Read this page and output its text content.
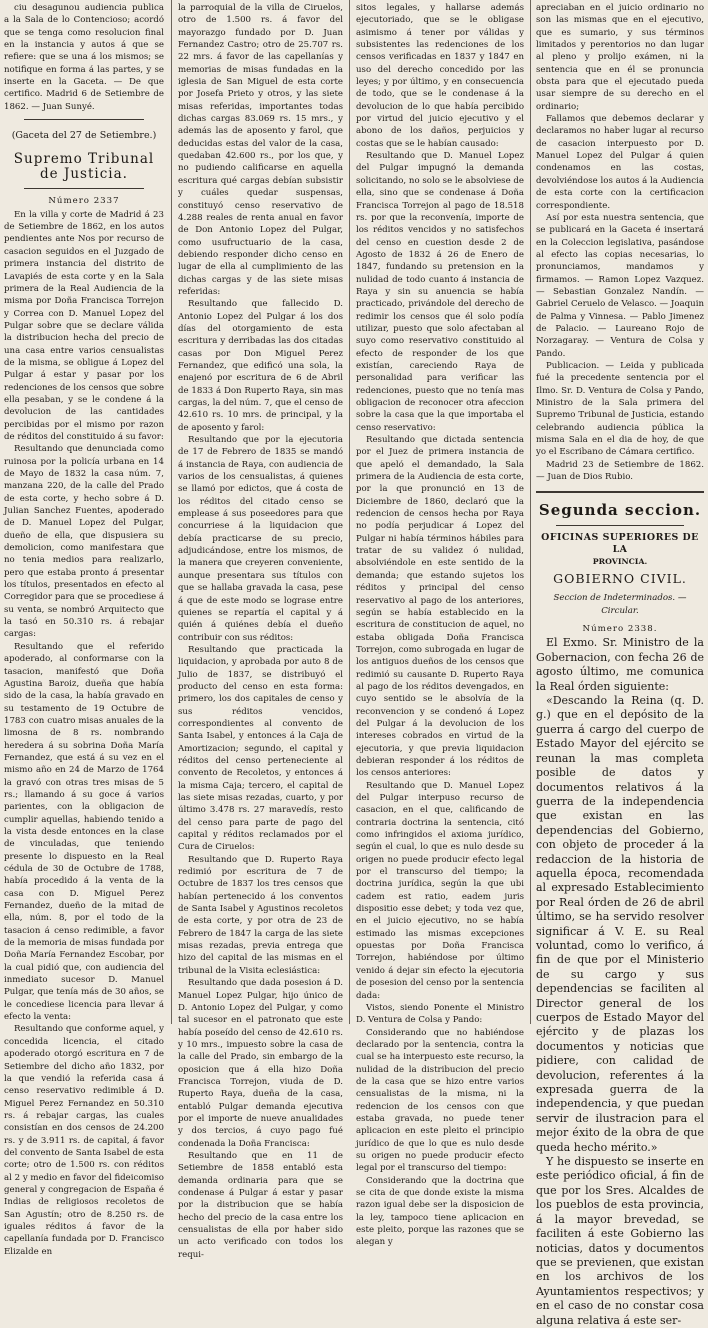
ciu desagunou audiencia publica a la Sala de lo Contencioso; acordó que se tenga como resolucion final en la instancia y autos á que se refiere: que se una á los mismos; se notifique en forma á las partes, y se inserte en la Gaceta. — De que certifico. Madrid 6 de Setiembre de 1862. — Juan Sunyé.

(Gaceta del 27 de Setiembre.)

Supremo Tribunal de Justicia.

Número 2337

En la villa y corte de Madrid á 23 de Setiembre de 1862, en los autos pendientes ante Nos por recurso de casacion seguidos en el Juzgado de primera instancia del distrito de Lavapiés de esta corte y en la Sala primera de la Real Audiencia de la misma por Doña Francisca Torrejon y Correa con D. Manuel Lopez del Pulgar sobre que se declare válida la distribucion hecha del precio de una casa entre varios censualistas de la misma, se obligue á Lopez del Pulgar á estar y pasar por los redenciones de los censos que sobre ella pesaban, y se le condene á la devolucion de las cantidades percibidas por el mismo por razon de réditos del constituido á su favor:

Resultando que denunciada como ruinosa por la policía urbana en 14 de Mayo de 1832 la casa núm. 7, manzana 220, de la calle del Prado de esta corte, y hecho sobre á D. Julian Sanchez Fuentes, apoderado de D. Manuel Lopez del Pulgar, dueño de ella, que dispusiera su demolicion, como manifestara que no tenia medios para realizarlo, pero que estaba pronto á presentar los títulos, presentados en efecto al Corregidor para que se procediese á su venta, se nombró Arquitecto que la tasó en 50.310 rs. á rebajar cargas:

Resultando que el referido apoderado, al conformarse con la tasacion, manifestó que Doña Agustina Baroiz, dueña que había sido de la casa, la había gravado en su testamento de 19 Octubre de 1783 con cuatro misas anuales de la limosna de 8 rs. nombrando heredera á su sobrina Doña María Fernandez, que está á su vez en el mismo año en 24 de Marzo de 1764 la gravó con otras tres misas de 5 rs.; llamando á su goce á varios parientes, con la obligacion de cumplir aquellas, habiendo tenido a la vista desde entonces en la clase de vinculadas, que teniendo presente lo dispuesto en la Real cédula de 30 de Octubre de 1788, había procedido á la venta de la casa con D. Miguel Perez Fernandez, dueño de la mitad de ella, núm. 8, por el todo de la tasacion á censo redimible, a favor de la memoria de misas fundada por Doña María Fernandez Escobar, por la cual pidió que, con audiencia del inmediato sucesor D. Manuel Pulgar, que tenía más de 30 años, se le concediese licencia para llevar á efecto la venta:

Resultando que conforme aquel, y concedida licencia, el citado apoderado otorgó escritura en 7 de Setiembre del dicho año 1832, por la que vendió la referida casa á censo reservativo redimible á D. Miguel Perez Fernandez en 50.310 rs. á rebajar cargas, las cuales consistían en dos censos de 24.200 rs. y de 3.911 rs. de capital, á favor del convento de Santa Isabel de esta corte; otro de 1.500 rs. con réditos al 2 y medio en favor del fideicomiso general y congregacion de España é Indias de religiosos recoletos de San Agustín; otro de 8.250 rs. de iguales réditos á favor de la capellanía fundada por D. Francisco Elizalde en

la parroquial de la villa de Ciruelos, otro de 1.500 rs. á favor del mayorazgo fundado por D. Juan Fernandez Castro; otro de 25.707 rs. 22 mrs. á favor de las capellanías y memorias de misas fundadas en la iglesia de San Miguel de esta corte por Josefa Prieto y otros, y las siete misas referidas, importantes todas dichas cargas 83.069 rs. 15 mrs., y además las de aposento y farol, que deducidas estas del valor de la casa, quedaban 42.600 rs., por los que, y no pudiendo calificarse en aquella escritura qué cargas debían subsistir y cuáles quedar suspensas, constituyó censo reservativo de 4.288 reales de renta anual en favor de Don Antonio Lopez del Pulgar, como usufructuario de la casa, debiendo responder dicho censo en lugar de ella al cumplimiento de las dichas cargas y de las siete misas referidas:

Resultando que fallecido D. Antonio Lopez del Pulgar á los dos días del otorgamiento de esta escritura y derribadas las dos citadas casas por Don Miguel Perez Fernandez, que edificó una sola, la enajenó por escritura de 6 de Abril de 1833 á Don Ruperto Raya, sin mas cargas, la del núm. 7, que el censo de 42.610 rs. 10 mrs. de principal, y la de aposento y farol:

Resultando que por la ejecutoria de 17 de Febrero de 1835 se mandó á instancia de Raya, con audiencia de varios de los censualistas, á quienes se llamó por edictos, que á costa de los réditos del citado censo se emplease á sus poseedores para que concurriese á la liquidacion que debía practicarse de su precio, adjudicándose, entre los mismos, de la manera que creyeren conveniente, aunque presentara sus títulos con que se hallaba gravada la casa, pese á que de este modo se lograse entre quienes se repartía el capital y á quién á quiénes debía el dueño contribuir con sus réditos:

Resultando que practicada la liquidacion, y aprobada por auto 8 de Julio de 1837, se distribuyó el producto del censo en esta forma: primero, los dos capitales de censo y sus réditos vencidos, correspondientes al convento de Santa Isabel, y entonces á la Caja de Amortizacion; segundo, el capital y réditos del censo perteneciente al convento de Recoletos, y entonces á la misma Caja; tercero, el capital de las siete misas rezadas, cuarto, y por último 3.478 rs. 27 maravedís, resto del censo para parte de pago del capital y réditos reclamados por el Cura de Ciruelos:

Resultando que D. Ruperto Raya redimió por escritura de 7 de Octubre de 1837 los tres censos que habían pertenecido á los conventos de Santa Isabel y Agustinos recoletos de esta corte, y por otra de 23 de Febrero de 1847 la carga de las siete misas rezadas, previa entrega que hizo del capital de las mismas en el tribunal de la Visita eclesiástica:

Resultando que dada posesion á D. Manuel Lopez Pulgar, hijo único de D. Antonio Lopez del Pulgar, y como tal sucesor en el patronato que este había poseído del censo de 42.610 rs. y 10 mrs., impuesto sobre la casa de la calle del Prado, sin embargo de la oposicion que á ella hizo Doña Francisca Torrejon, viuda de D. Ruperto Raya, dueña de la casa, entabló Pulgar demanda ejecutiva por el importe de nueve anualidades y dos tercios, á cuyo pago fué condenada la Doña Francisca:

Resultando que en 11 de Setiembre de 1858 entabló esta demanda ordinaria para que se condenase á Pulgar á estar y pasar por la distribucion que se había hecho del precio de la casa entre los censualistas de ella por haber sido un acto verificado con todos los requi-

sitos legales, y hallarse además ejecutoriado, que se le obligase asimismo á tener por válidas y subsistentes las redenciones de los censos verificadas en 1837 y 1847 en uso del derecho concedido por las leyes; y por último, y en consecuencia de todo, que se le condenase á la devolucion de lo que había percibido por virtud del juicio ejecutivo y el abono de los daños, perjuicios y costas que se le habían causado:

Resultando que D. Manuel Lopez del Pulgar impugnó la demanda solicitando, no solo se le absolviese de ella, sino que se condenase á Doña Francisca Torrejon al pago de 18.518 rs. por que la reconvenía, importe de los réditos vencidos y no satisfechos del censo en cuestion desde 2 de Agosto de 1832 á 26 de Enero de 1847, fundando su pretension en la nulidad de todo cuanto á instancia de Raya y sin su anuencia se había practicado, privándole del derecho de redimir los censos que él solo podía utilizar, puesto que solo afectaban al suyo como reservativo constituido al efecto de responder de los que existían, careciendo Raya de personalidad para verificar las redenciones, puesto que no tenía mas obligacion de reconocer otra afeccion sobre la casa que la que importaba el censo reservativo:

Resultando que dictada sentencia por el Juez de primera instancia de que apeló el demandado, la Sala primera de la Audiencia de esta corte, por la que pronunció en 13 de Diciembre de 1860, declaró que la redencion de censos hecha por Raya no podía perjudicar á Lopez del Pulgar ni había términos hábiles para tratar de su validez ó nulidad, absolviéndole en este sentido de la demanda; que estando sujetos los réditos y principal del censo reservativo al pago de los anteriores, según se había establecido en la escritura de constitucion de aquel, no estaba obligada Doña Francisca Torrejon, como subrogada en lugar de los antiguos dueños de los censos que redimió su causante D. Ruperto Raya al pago de los réditos devengados, en cuyo sentido se le absolvía de la reconvencion y se condenó á Lopez del Pulgar á la devolucion de los intereses cobrados en virtud de la ejecutoria, y que previa liquidacion debieran responder á los réditos de los censos anteriores:

Resultando que D. Manuel Lopez del Pulgar interpuso recurso de casacion, en el que, calificando de contraria doctrina la sentencia, citó como infringidos el axioma jurídico, según el cual, lo que es nulo desde su origen no puede producir efecto legal por el transcurso del tiempo; la doctrina jurídica, según la que ubi cadem est ratio, eadem juris dispositio esse debet; y toda vez que, en el juicio ejecutivo, no se había estimado las mismas excepciones opuestas por Doña Francisca Torrejon, habiéndose por último venido á dejar sin efecto la ejecutoria de posesion del censo por la sentencia dada:

Vistos, siendo Ponente el Ministro D. Ventura de Colsa y Pando:

Considerando que no habiéndose declarado por la sentencia, contra la cual se ha interpuesto este recurso, la nulidad de la distribucion del precio de la casa que se hizo entre varios censualistas de la misma, ni la redencion de los censos con que estaba gravada, no puede tener aplicacion en este pleito el principio jurídico de que lo que es nulo desde su origen no puede producir efecto legal por el transcurso del tiempo:

Considerando que la doctrina que se cita de que donde existe la misma razon igual debe ser la disposicion de la ley, tampoco tiene aplicacion en este pleito, porque las razones que se alegan y

apreciaban en el juicio ordinario no son las mismas que en el ejecutivo, que es sumario, y sus términos limitados y perentorios no dan lugar al pleno y prolijo exámen, ni la sentencia que en él se pronuncia obsta para que el ejecutado pueda usar siempre de su derecho en el ordinario;

Fallamos que debemos declarar y declaramos no haber lugar al recurso de casacion interpuesto por D. Manuel Lopez del Pulgar á quien condenamos en las costas, devolviéndose los autos á la Audiencia de esta corte con la certificacion correspondiente.

Así por esta nuestra sentencia, que se publicará en la Gaceta é insertará en la Coleccion legislativa, pasándose al efecto las copias necesarias, lo pronunciamos, mandamos y firmamos. — Ramon Lopez Vazquez. — Sebastian Gonzalez Nandín. — Gabriel Ceruelo de Velasco. — Joaquin de Palma y Vinnesa. — Pablo Jimenez de Palacio. — Laureano Rojo de Norzagaray. — Ventura de Colsa y Pando.

Publicacion. — Leida y publicada fué la precedente sentencia por el Ilmo. Sr. D. Ventura de Colsa y Pando, Ministro de la Sala primera del Supremo Tribunal de Justicia, estando celebrando audiencia pública la misma Sala en el dia de hoy, de que yo el Escribano de Cámara certifico.

Madrid 23 de Setiembre de 1862. — Juan de Dios Rubio.

Segunda seccion.

OFICINAS SUPERIORES DE LA

PROVINCIA.

GOBIERNO CIVIL.

Seccion de Indeterminados. — Circular.

Número 2338.

El Exmo. Sr. Ministro de la Gobernacion, con fecha 26 de agosto último, me comunica la Real órden siguiente:

«Descando la Reina (q. D. g.) que en el depósito de la guerra á cargo del cuerpo de Estado Mayor del ejército se reunan la mas completa posible de datos y documentos relativos á la guerra de la independencia que existan en las dependencias del Gobierno, con objeto de proceder á la redaccion de la historia de aquella época, recomendada al expresado Establecimiento por Real órden de 26 de abril último, se ha servido resolver significar á V. E. su Real voluntad, como lo verifico, á fin de que por el Ministerio de su cargo y sus dependencias se faciliten al Director general de los cuerpos de Estado Mayor del ejército y de plazas los documentos y noticias que pidiere, con calidad de devolucion, referentes á la expresada guerra de la independencia, y que puedan servir de ilustracion para el mejor éxito de la obra de que queda hecho mérito.»

Y he dispuesto se inserte en este periódico oficial, á fin de que por los Sres. Alcaldes de los pueblos de esta provincia, á la mayor brevedad, se faciliten á este Gobierno las noticias, datos y documentos que se previenen, que existan en los archivos de los Ayuntamientos respectivos; y en el caso de no constar cosa alguna relativa á este ser-
